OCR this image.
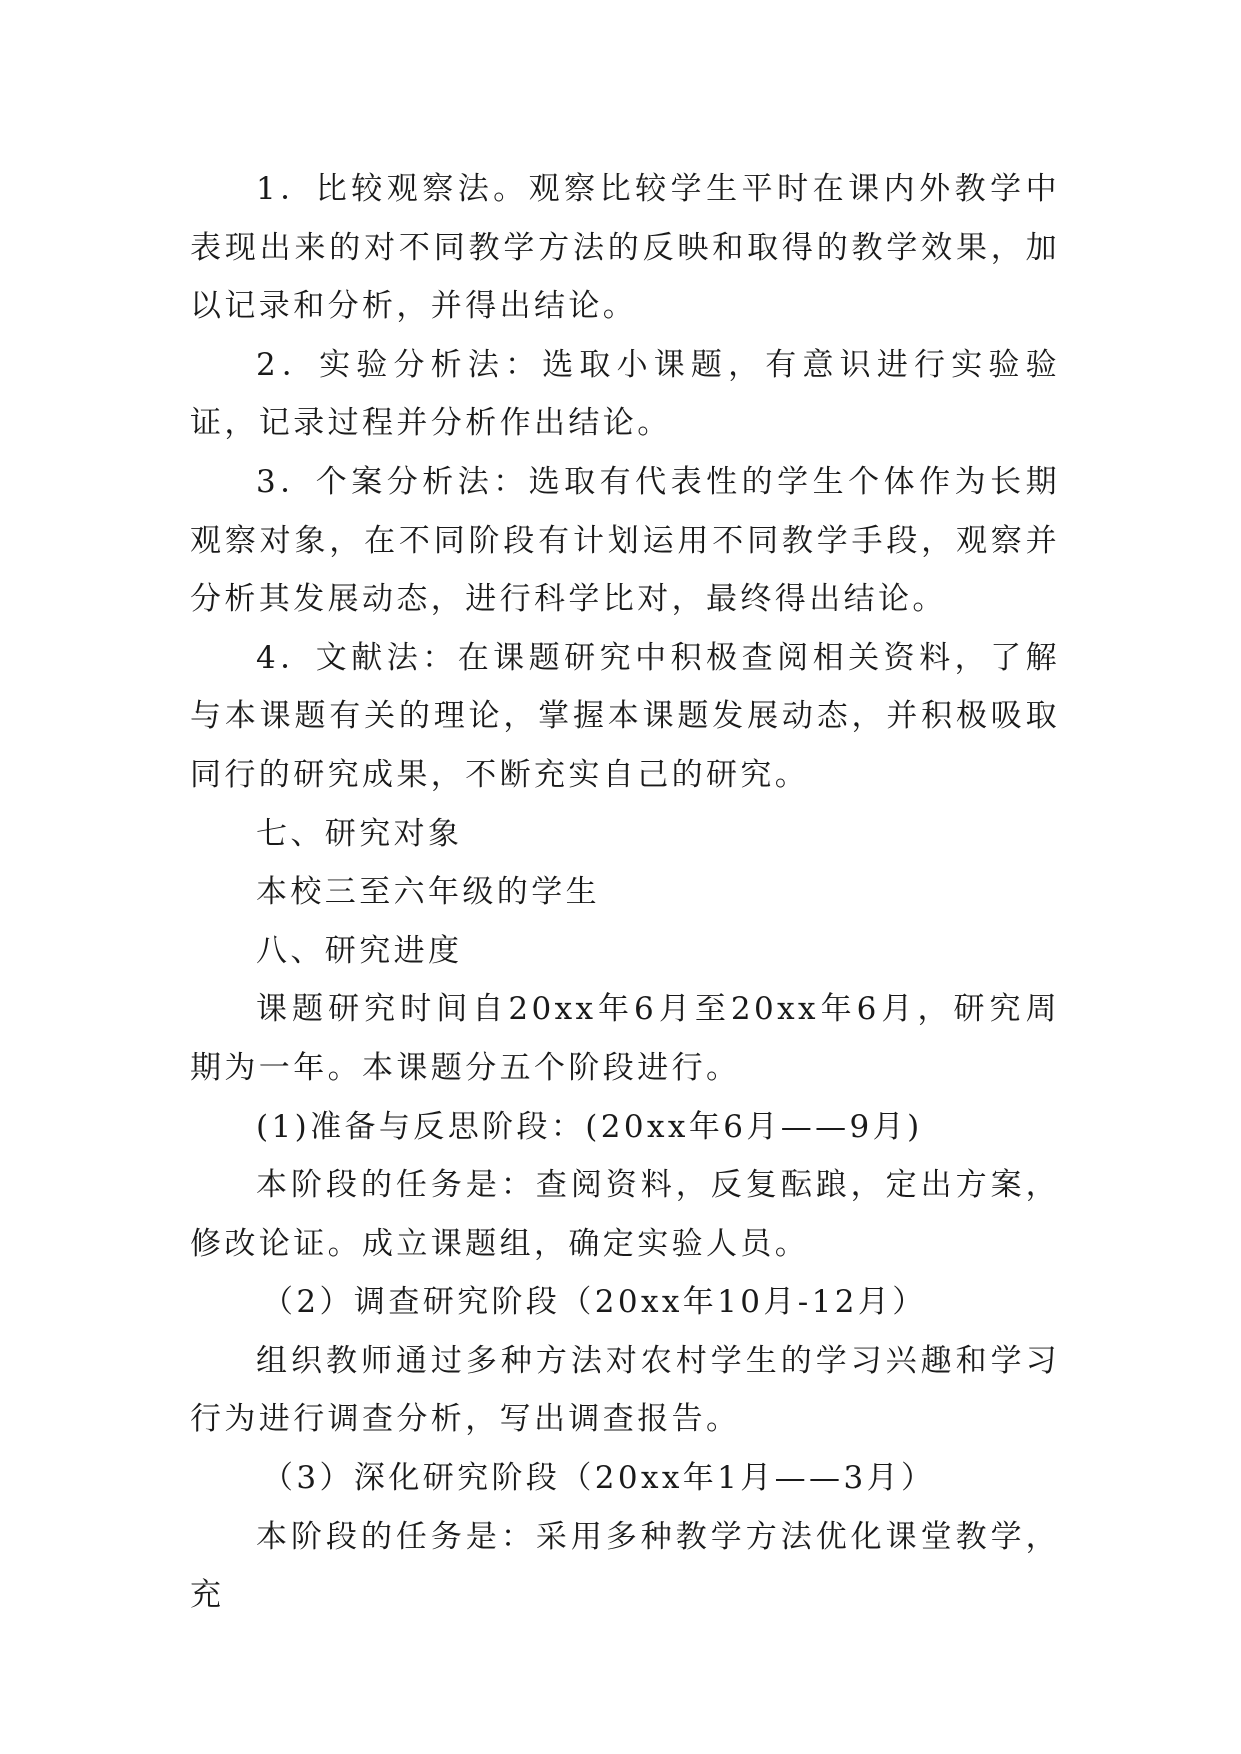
1．比较观察法。观察比较学生平时在课内外教学中表现出来的对不同教学方法的反映和取得的教学效果，加以记录和分析，并得出结论。

2．实验分析法：选取小课题，有意识进行实验验证，记录过程并分析作出结论。

3．个案分析法：选取有代表性的学生个体作为长期观察对象，在不同阶段有计划运用不同教学手段，观察并分析其发展动态，进行科学比对，最终得出结论。

4．文献法：在课题研究中积极查阅相关资料，了解与本课题有关的理论，掌握本课题发展动态，并积极吸取同行的研究成果，不断充实自己的研究。

七、研究对象

本校三至六年级的学生

八、研究进度

课题研究时间自20xx年6月至20xx年6月，研究周期为一年。本课题分五个阶段进行。

(1)准备与反思阶段：(20xx年6月——9月)

本阶段的任务是：查阅资料，反复酝踉，定出方案，修改论证。成立课题组，确定实验人员。

（2）调查研究阶段（20xx年10月-12月）

组织教师通过多种方法对农村学生的学习兴趣和学习行为进行调查分析，写出调查报告。

（3）深化研究阶段（20xx年1月——3月）

本阶段的任务是：采用多种教学方法优化课堂教学，充
